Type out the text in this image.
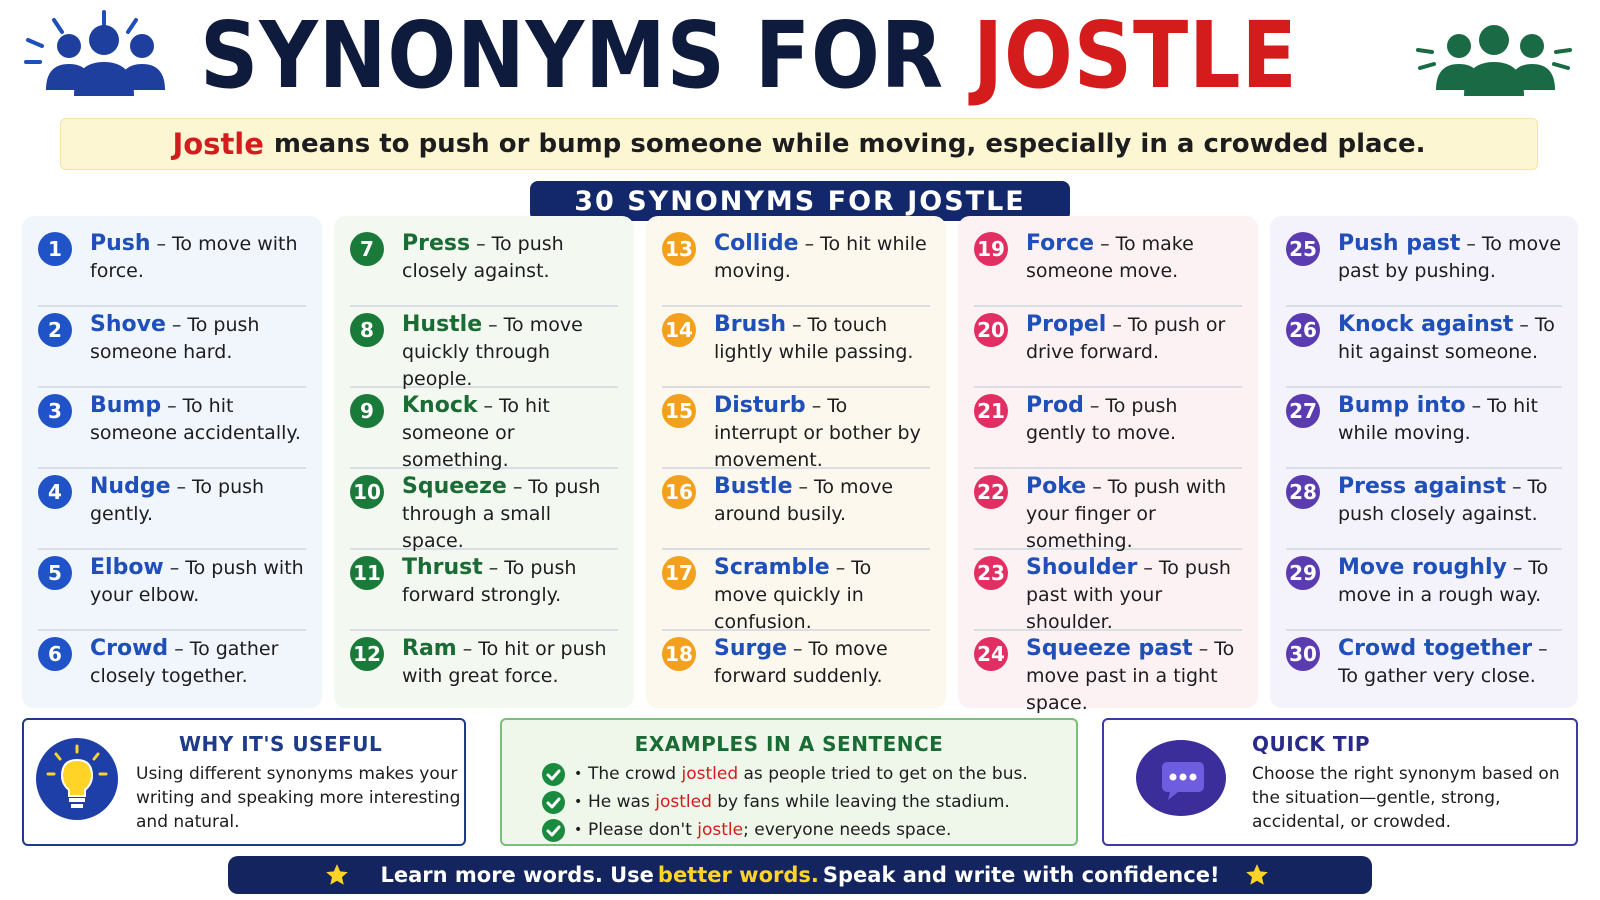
SYNONYMS FOR JOSTLE
Jostle means to push or bump someone while moving, especially in a crowded place.
30 SYNONYMS FOR JOSTLE
1	Push – To move with force.
2	Shove – To push someone hard.
3	Bump – To hit someone accidentally.
4	Nudge – To push gently.
5	Elbow – To push with your elbow.
6	Crowd – To gather closely together.
7	Press – To push closely against.
8	Hustle – To move quickly through people.
9	Knock – To hit someone or something.
10 Squeeze – To push through a small space.
11 Thrust – To push forward strongly.
12 Ram – To hit or push with great force.
13 Collide – To hit while moving.
14 Brush – To touch lightly while passing.
15 Disturb – To interrupt or bother by movement.
16 Bustle – To move around busily.
17 Scramble – To move quickly in confusion.
18 Surge – To move forward suddenly.
19 Force – To make someone move.
20 Propel – To push or drive forward.
21 Prod – To push gently to move.
22 Poke – To push with your finger or something.
23 Shoulder – To push past with your shoulder.
24 Squeeze past – To move past in a tight space.
25 Push past – To move past by pushing.
26 Knock against – To hit against someone.
27 Bump into – To hit while moving.
28 Press against – To push closely against.
29 Move roughly – To move in a rough way.
30 Crowd together –To gather very close.
WHY IT'S USEFUL

Using different synonyms makes your writing and speaking more interesting and natural.

EXAMPLES IN A SENTENCE
• The crowd jostled as people tried to get on the bus.
• He was jostled by fans while leaving the stadium.
• Please don't jostle; everyone needs space.
QUICK TIP

Choose the right synonym based on the situation—gentle, strong, accidental, or crowded.

Learn more words. Use better words. Speak and write with confidence!
